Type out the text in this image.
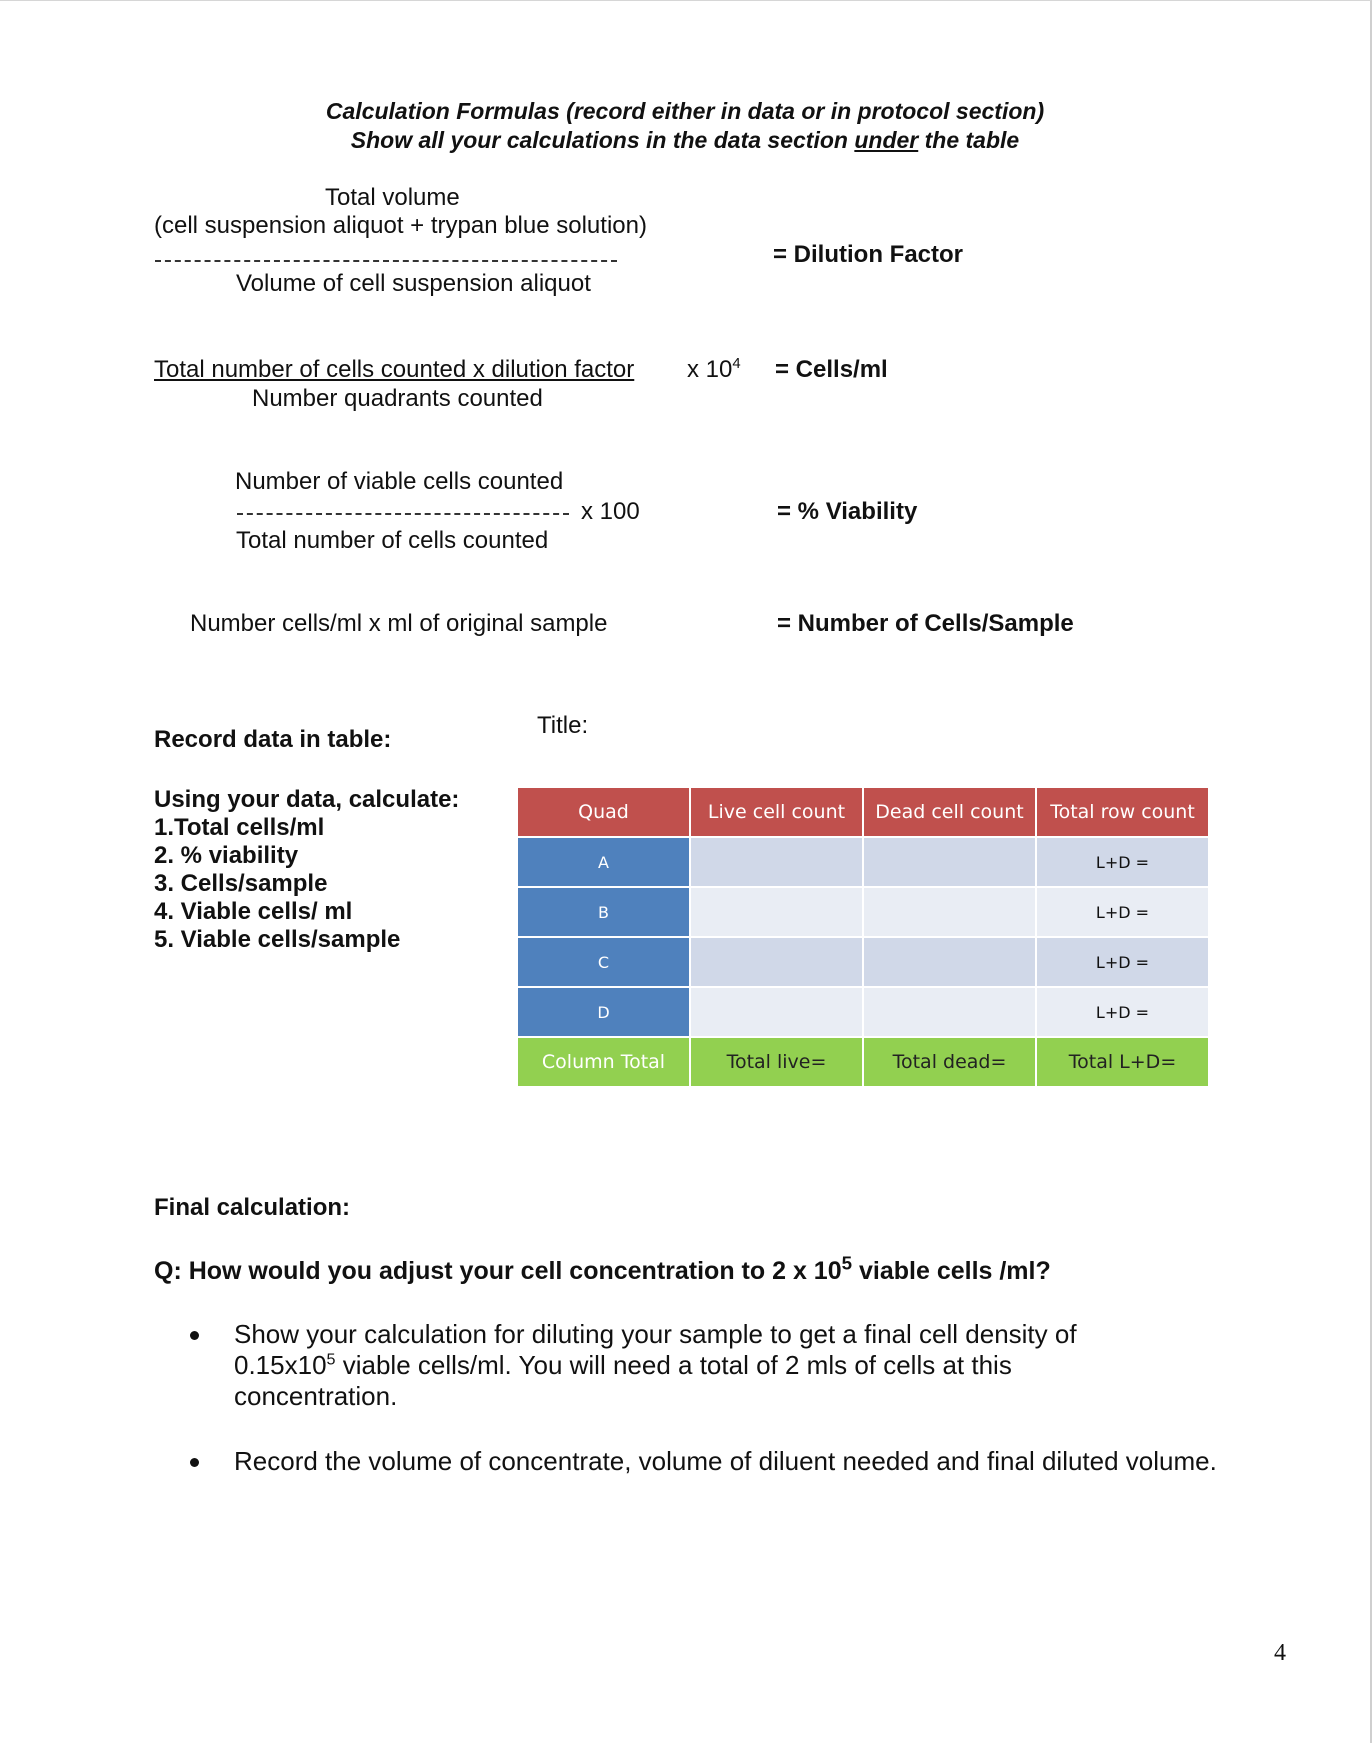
Calculation Formulas (record either in data or in protocol section)
Show all your calculations in the data section under the table
Total volume
(cell suspension aliquot + trypan blue solution)
Volume of cell suspension aliquot
= Dilution Factor
Total number of cells counted x dilution factor
Number quadrants counted
x $10^4$ = Cells/ml
Number of viable cells counted
x 100
Total number of cells counted
= % Viability
Number cells/ml x ml of original sample	= Number of Cells/Sample
Record data in table:
Title:
Using your data, calculate:
1.Total cells/ml
2. % viability
3. Cells/sample
4. Viable cells/ ml
5. Viable cells/sample
Quad	Live cell count	Dead cell count	Total row count
A			L+D =
B			L+D =
C			L+D =
D			L+D =
Column Total	Total live=	Total dead=	Total L+D=
Final calculation:
Q: How would you adjust your cell concentration to 2 x $10^5$ viable cells /ml?
Show your calculation for diluting your sample to get a final cell density of $0.15x10^5$ viable cells/ml. You will need a total of 2 mls of cells at this concentration.
Record the volume of concentrate, volume of diluent needed and final diluted volume.
4
